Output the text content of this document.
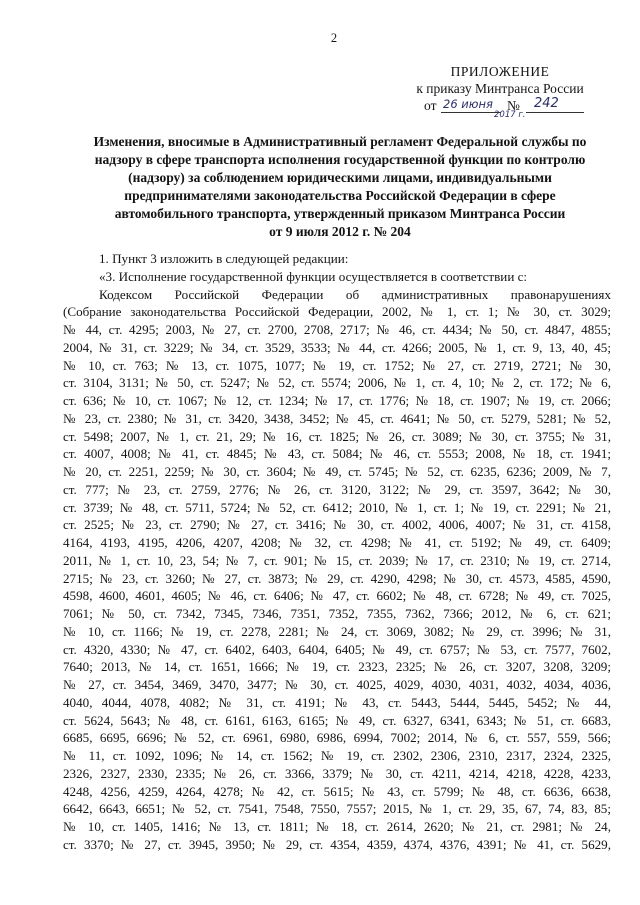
2
ПРИЛОЖЕНИЕ
к приказу Минтранса России
от 26 июня № 242
2017 г.
Изменения, вносимые в Административный регламент Федеральной службы по
надзору в сфере транспорта исполнения государственной функции по контролю
(надзору) за соблюдением юридическими лицами, индивидуальными
предпринимателями законодательства Российской Федерации в сфере
автомобильного транспорта, утвержденный приказом Минтранса России
от 9 июля 2012 г. № 204

1. Пункт 3 изложить в следующей редакции:

«3. Исполнение государственной функции осуществляется в соответствии с:

Кодексом Российской Федерации об административных правонарушениях
(Собрание законодательства Российской Федерации, 2002, № 1, ст. 1; № 30, ст. 3029;
№ 44, ст. 4295; 2003, № 27, ст. 2700, 2708, 2717; № 46, ст. 4434; № 50, ст. 4847, 4855;
2004, № 31, ст. 3229; № 34, ст. 3529, 3533; № 44, ст. 4266; 2005, № 1, ст. 9, 13, 40, 45;
№ 10, ст. 763; № 13, ст. 1075, 1077; № 19, ст. 1752; № 27, ст. 2719, 2721; № 30,
ст. 3104, 3131; № 50, ст. 5247; № 52, ст. 5574; 2006, № 1, ст. 4, 10; № 2, ст. 172; № 6,
ст. 636; № 10, ст. 1067; № 12, ст. 1234; № 17, ст. 1776; № 18, ст. 1907; № 19, ст. 2066;
№ 23, ст. 2380; № 31, ст. 3420, 3438, 3452; № 45, ст. 4641; № 50, ст. 5279, 5281; № 52,
ст. 5498; 2007, № 1, ст. 21, 29; № 16, ст. 1825; № 26, ст. 3089; № 30, ст. 3755; № 31,
ст. 4007, 4008; № 41, ст. 4845; № 43, ст. 5084; № 46, ст. 5553; 2008, № 18, ст. 1941;
№ 20, ст. 2251, 2259; № 30, ст. 3604; № 49, ст. 5745; № 52, ст. 6235, 6236; 2009, № 7,
ст. 777; № 23, ст. 2759, 2776; № 26, ст. 3120, 3122; № 29, ст. 3597, 3642; № 30,
ст. 3739; № 48, ст. 5711, 5724; № 52, ст. 6412; 2010, № 1, ст. 1; № 19, ст. 2291; № 21,
ст. 2525; № 23, ст. 2790; № 27, ст. 3416; № 30, ст. 4002, 4006, 4007; № 31, ст. 4158,
4164, 4193, 4195, 4206, 4207, 4208; № 32, ст. 4298; № 41, ст. 5192; № 49, ст. 6409;
2011, № 1, ст. 10, 23, 54; № 7, ст. 901; № 15, ст. 2039; № 17, ст. 2310; № 19, ст. 2714,
2715; № 23, ст. 3260; № 27, ст. 3873; № 29, ст. 4290, 4298; № 30, ст. 4573, 4585, 4590,
4598, 4600, 4601, 4605; № 46, ст. 6406; № 47, ст. 6602; № 48, ст. 6728; № 49, ст. 7025,
7061; № 50, ст. 7342, 7345, 7346, 7351, 7352, 7355, 7362, 7366; 2012, № 6, ст. 621;
№ 10, ст. 1166; № 19, ст. 2278, 2281; № 24, ст. 3069, 3082; № 29, ст. 3996; № 31,
ст. 4320, 4330; № 47, ст. 6402, 6403, 6404, 6405; № 49, ст. 6757; № 53, ст. 7577, 7602,
7640; 2013, № 14, ст. 1651, 1666; № 19, ст. 2323, 2325; № 26, ст. 3207, 3208, 3209;
№ 27, ст. 3454, 3469, 3470, 3477; № 30, ст. 4025, 4029, 4030, 4031, 4032, 4034, 4036,
4040, 4044, 4078, 4082; № 31, ст. 4191; № 43, ст. 5443, 5444, 5445, 5452; № 44,
ст. 5624, 5643; № 48, ст. 6161, 6163, 6165; № 49, ст. 6327, 6341, 6343; № 51, ст. 6683,
6685, 6695, 6696; № 52, ст. 6961, 6980, 6986, 6994, 7002; 2014, № 6, ст. 557, 559, 566;
№ 11, ст. 1092, 1096; № 14, ст. 1562; № 19, ст. 2302, 2306, 2310, 2317, 2324, 2325,
2326, 2327, 2330, 2335; № 26, ст. 3366, 3379; № 30, ст. 4211, 4214, 4218, 4228, 4233,
4248, 4256, 4259, 4264, 4278; № 42, ст. 5615; № 43, ст. 5799; № 48, ст. 6636, 6638,
6642, 6643, 6651; № 52, ст. 7541, 7548, 7550, 7557; 2015, № 1, ст. 29, 35, 67, 74, 83, 85;
№ 10, ст. 1405, 1416; № 13, ст. 1811; № 18, ст. 2614, 2620; № 21, ст. 2981; № 24,
ст. 3370; № 27, ст. 3945, 3950; № 29, ст. 4354, 4359, 4374, 4376, 4391; № 41, ст. 5629,
